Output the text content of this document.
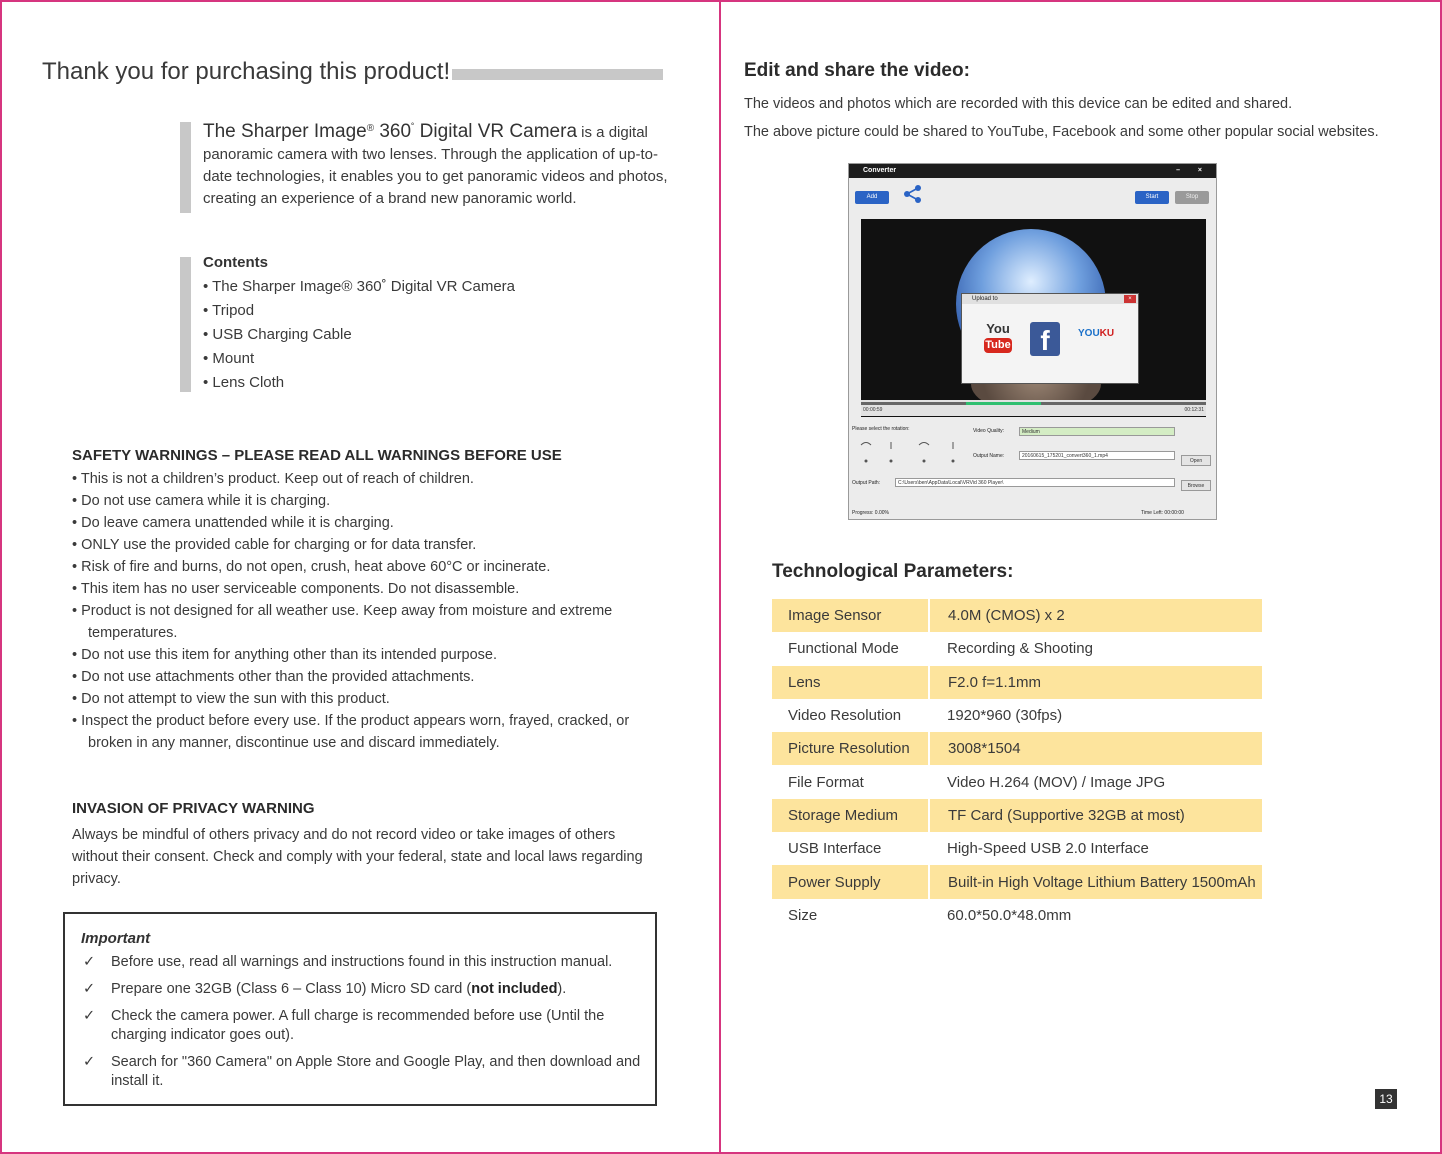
Thank you for purchasing this product!
The Sharper Image® 360˚ Digital VR Camera is a digital panoramic camera with two lenses. Through the application of up-to-date technologies, it enables you to get panoramic videos and photos, creating an experience of a brand new panoramic world.
Contents
• The Sharper Image® 360˚ Digital VR Camera
• Tripod
• USB Charging Cable
• Mount
• Lens Cloth
SAFETY WARNINGS – PLEASE READ ALL WARNINGS BEFORE USE
• This is not a children’s product. Keep out of reach of children.
• Do not use camera while it is charging.
• Do leave camera unattended while it is charging.
• ONLY use the provided cable for charging or for data transfer.
• Risk of fire and burns, do not open, crush, heat above 60°C or incinerate.
• This item has no user serviceable components. Do not disassemble.
• Product is not designed for all weather use. Keep away from moisture and extreme temperatures.
• Do not use this item for anything other than its intended purpose.
• Do not use attachments other than the provided attachments.
• Do not attempt to view the sun with this product.
• Inspect the product before every use. If the product appears worn, frayed, cracked, or broken in any manner, discontinue use and discard immediately.
INVASION OF PRIVACY WARNING
Always be mindful of others privacy and do not record video or take images of others without their consent. Check and comply with your federal, state and local laws regarding privacy.
Important
✓ Before use, read all warnings and instructions found in this instruction manual.
✓ Prepare one 32GB (Class 6 – Class 10) Micro SD card (not included).
✓ Check the camera power. A full charge is recommended before use (Until the charging indicator goes out).
✓ Search for "360 Camera" on Apple Store and Google Play, and then download and install it.
Edit and share the video:
The videos and photos which are recorded with this device can be edited and shared.
The above picture could be shared to YouTube, Facebook and some other popular social websites.
Converter	– ×
Add	Start	Stop
Upload to	×
You
Tube	f	YOUKU
00:00:59	00:12:31
Please select the rotation:	Video Quality:	Medium
Output Name:	20160615_175201_convert360_1.mp4
Open
Output Path:	C:\Users\ben\AppData\Local\VRVid 360 Player\	Browse
Progress: 0.00%	Time Left: 00:00:00
Technological Parameters:
Image Sensor	4.0M (CMOS) x 2
Functional Mode	Recording & Shooting
Lens	F2.0 f=1.1mm
Video Resolution	1920*960 (30fps)
Picture Resolution	3008*1504
File Format	Video H.264 (MOV) / Image JPG
Storage Medium	TF Card (Supportive 32GB at most)
USB Interface	High-Speed USB 2.0 Interface
Power Supply	Built-in High Voltage Lithium Battery 1500mAh
Size	60.0*50.0*48.0mm
13
